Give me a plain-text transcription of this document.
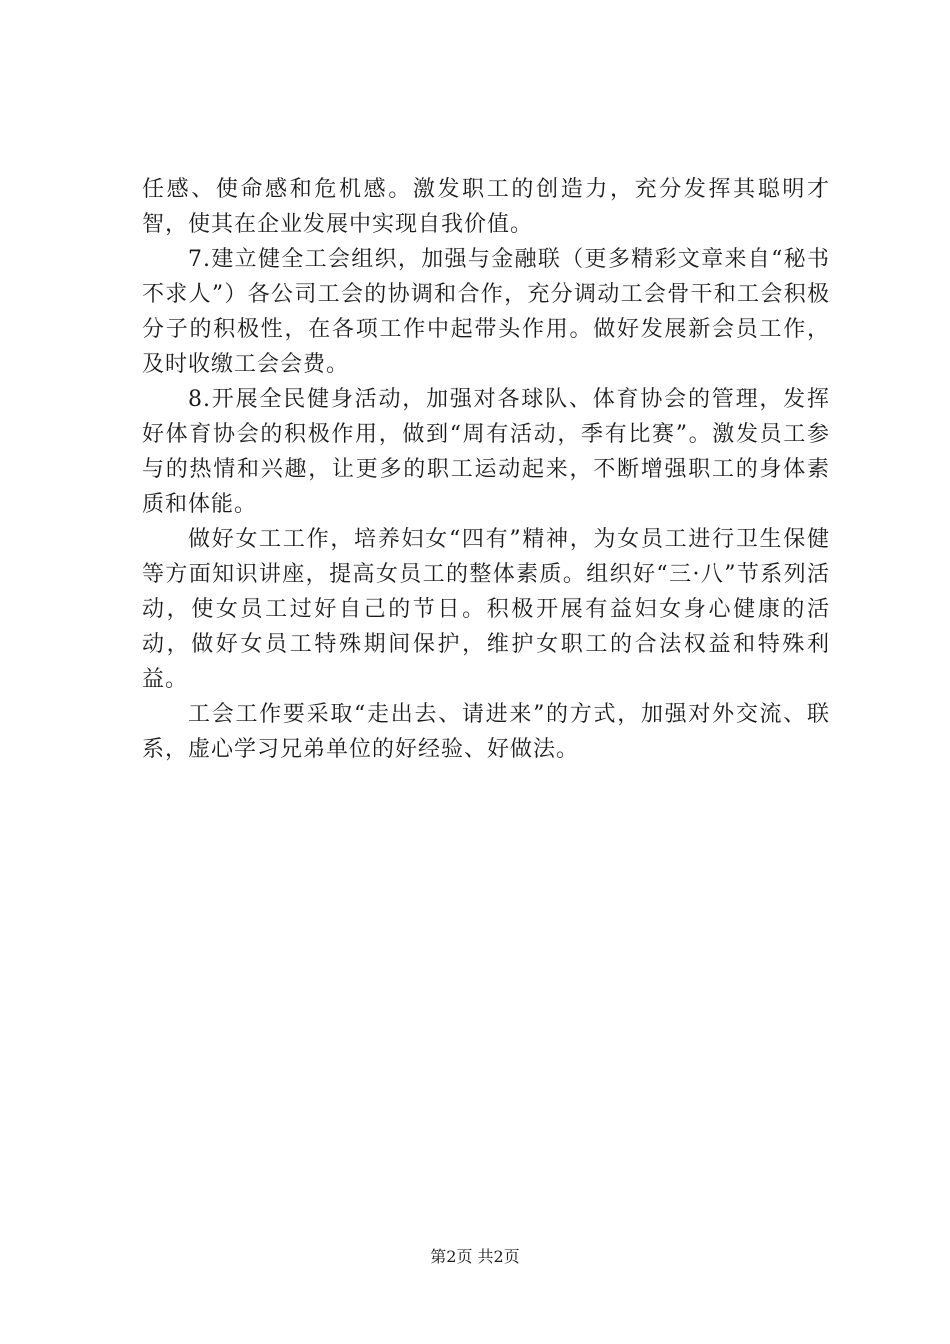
任感、使命感和危机感。激发职工的创造力，充分发挥其聪明才智，使其在企业发展中实现自我价值。

7.建立健全工会组织，加强与金融联（更多精彩文章来自“秘书不求人”）各公司工会的协调和合作，充分调动工会骨干和工会积极分子的积极性，在各项工作中起带头作用。做好发展新会员工作，及时收缴工会会费。

8.开展全民健身活动，加强对各球队、体育协会的管理，发挥好体育协会的积极作用，做到“周有活动，季有比赛”。激发员工参与的热情和兴趣，让更多的职工运动起来，不断增强职工的身体素质和体能。

做好女工工作，培养妇女“四有”精神，为女员工进行卫生保健等方面知识讲座，提高女员工的整体素质。组织好“三·八”节系列活动，使女员工过好自己的节日。积极开展有益妇女身心健康的活动，做好女员工特殊期间保护，维护女职工的合法权益和特殊利益。

工会工作要采取“走出去、请进来”的方式，加强对外交流、联系，虚心学习兄弟单位的好经验、好做法。

第2页 共2页
